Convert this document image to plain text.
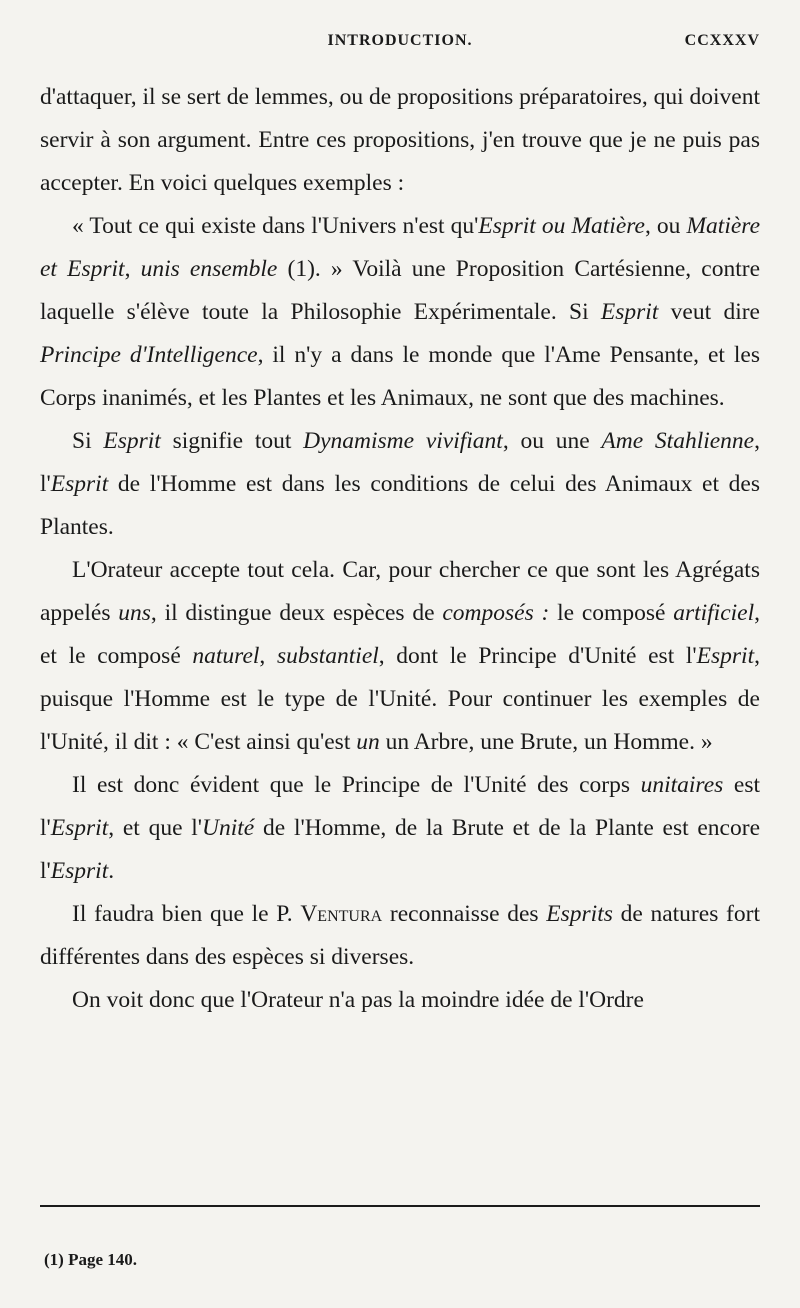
INTRODUCTION.	CCXXXV

d'attaquer, il se sert de lemmes, ou de propositions préparatoires, qui doivent servir à son argument. Entre ces propositions, j'en trouve que je ne puis pas accepter. En voici quelques exemples :

« Tout ce qui existe dans l'Univers n'est qu'Esprit ou Matière, ou Matière et Esprit, unis ensemble (1). » Voilà une Proposition Cartésienne, contre laquelle s'élève toute la Philosophie Expérimentale. Si Esprit veut dire Principe d'Intelligence, il n'y a dans le monde que l'Ame Pensante, et les Corps inanimés, et les Plantes et les Animaux, ne sont que des machines.

Si Esprit signifie tout Dynamisme vivifiant, ou une Ame Stahlienne, l'Esprit de l'Homme est dans les conditions de celui des Animaux et des Plantes.

L'Orateur accepte tout cela. Car, pour chercher ce que sont les Agrégats appelés uns, il distingue deux espèces de composés : le composé artificiel, et le composé naturel, substantiel, dont le Principe d'Unité est l'Esprit, puisque l'Homme est le type de l'Unité. Pour continuer les exemples de l'Unité, il dit : « C'est ainsi qu'est un un Arbre, une Brute, un Homme. »

Il est donc évident que le Principe de l'Unité des corps unitaires est l'Esprit, et que l'Unité de l'Homme, de la Brute et de la Plante est encore l'Esprit.

Il faudra bien que le P. Ventura reconnaisse des Esprits de natures fort différentes dans des espèces si diverses.

On voit donc que l'Orateur n'a pas la moindre idée de l'Ordre

(1) Page 140.
